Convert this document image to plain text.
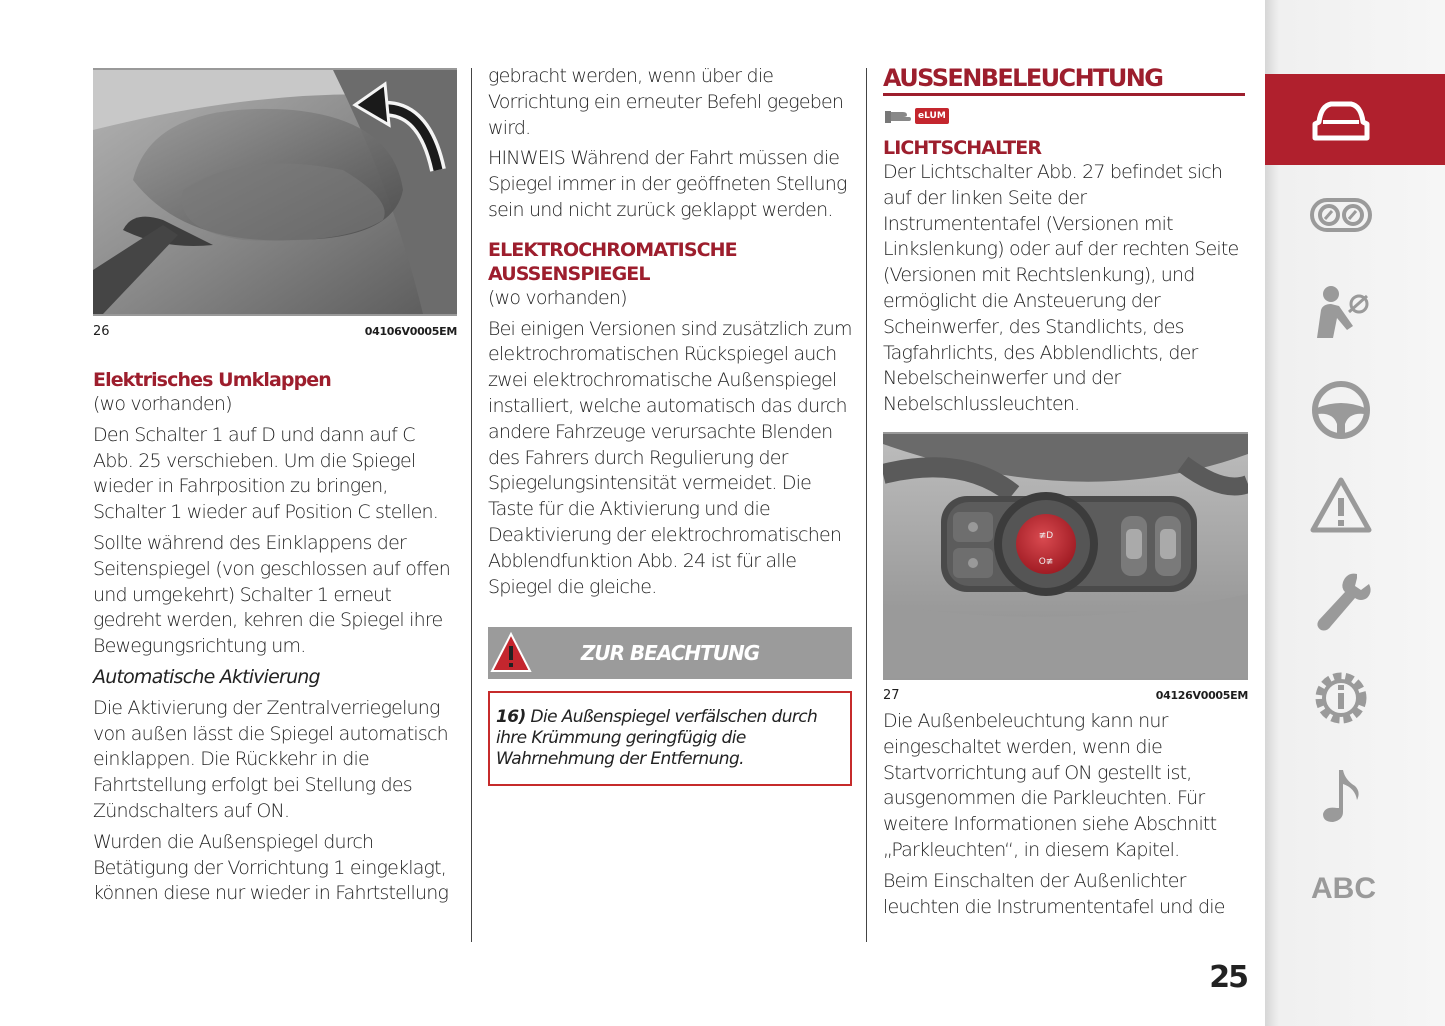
26	04106V0005EM
Elektrisches Umklappen

(wo vorhanden)

Den Schalter 1 auf D und dann auf C Abb. 25 verschieben. Um die Spiegel wieder in Fahrposition zu bringen, Schalter 1 wieder auf Position C stellen.

Sollte während des Einklappens der Seitenspiegel (von geschlossen auf offen und umgekehrt) Schalter 1 erneut gedreht werden, kehren die Spiegel ihre Bewegungsrichtung um.

Automatische Aktivierung

Die Aktivierung der Zentralverriegelung von außen lässt die Spiegel automatisch einklappen. Die Rückkehr in die Fahrtstellung erfolgt bei Stellung des Zündschalters auf ON.

Wurden die Außenspiegel durch Betätigung der Vorrichtung 1 eingeklagt, können diese nur wieder in Fahrtstellung

gebracht werden, wenn über die Vorrichtung ein erneuter Befehl gegeben wird.

HINWEIS Während der Fahrt müssen die Spiegel immer in der geöffneten Stellung sein und nicht zurück geklappt werden.

ELEKTROCHROMATISCHE
AUSSENSPIEGEL

(wo vorhanden)

Bei einigen Versionen sind zusätzlich zum elektrochromatischen Rückspiegel auch zwei elektrochromatische Außenspiegel installiert, welche automatisch das durch andere Fahrzeuge verursachte Blenden des Fahrers durch Regulierung der Spiegelungsintensität vermeidet. Die Taste für die Aktivierung und die Deaktivierung der elektrochromatischen Abblendfunktion Abb. 24 ist für alle Spiegel die gleiche.

ZUR BEACHTUNG
16) Die Außenspiegel verfälschen durch ihre Krümmung geringfügig die Wahrnehmung der Entfernung.
AUSSENBELEUCHTUNG
eLUM
LICHTSCHALTER

Der Lichtschalter Abb. 27 befindet sich auf der linken Seite der Instrumententafel (Versionen mit Linkslenkung) oder auf der rechten Seite (Versionen mit Rechtslenkung), und ermöglicht die Ansteuerung der Scheinwerfer, des Standlichts, des Tagfahrlichts, des Abblendlichts, der Nebelscheinwerfer und der Nebelschlussleuchten.

≢D
O≢
27	04126V0005EM

Die Außenbeleuchtung kann nur eingeschaltet werden, wenn die Startvorrichtung auf ON gestellt ist, ausgenommen die Parkleuchten. Für weitere Informationen siehe Abschnitt „Parkleuchten“, in diesem Kapitel.

Beim Einschalten der Außenlichter leuchten die Instrumententafel und die

25
ABC
